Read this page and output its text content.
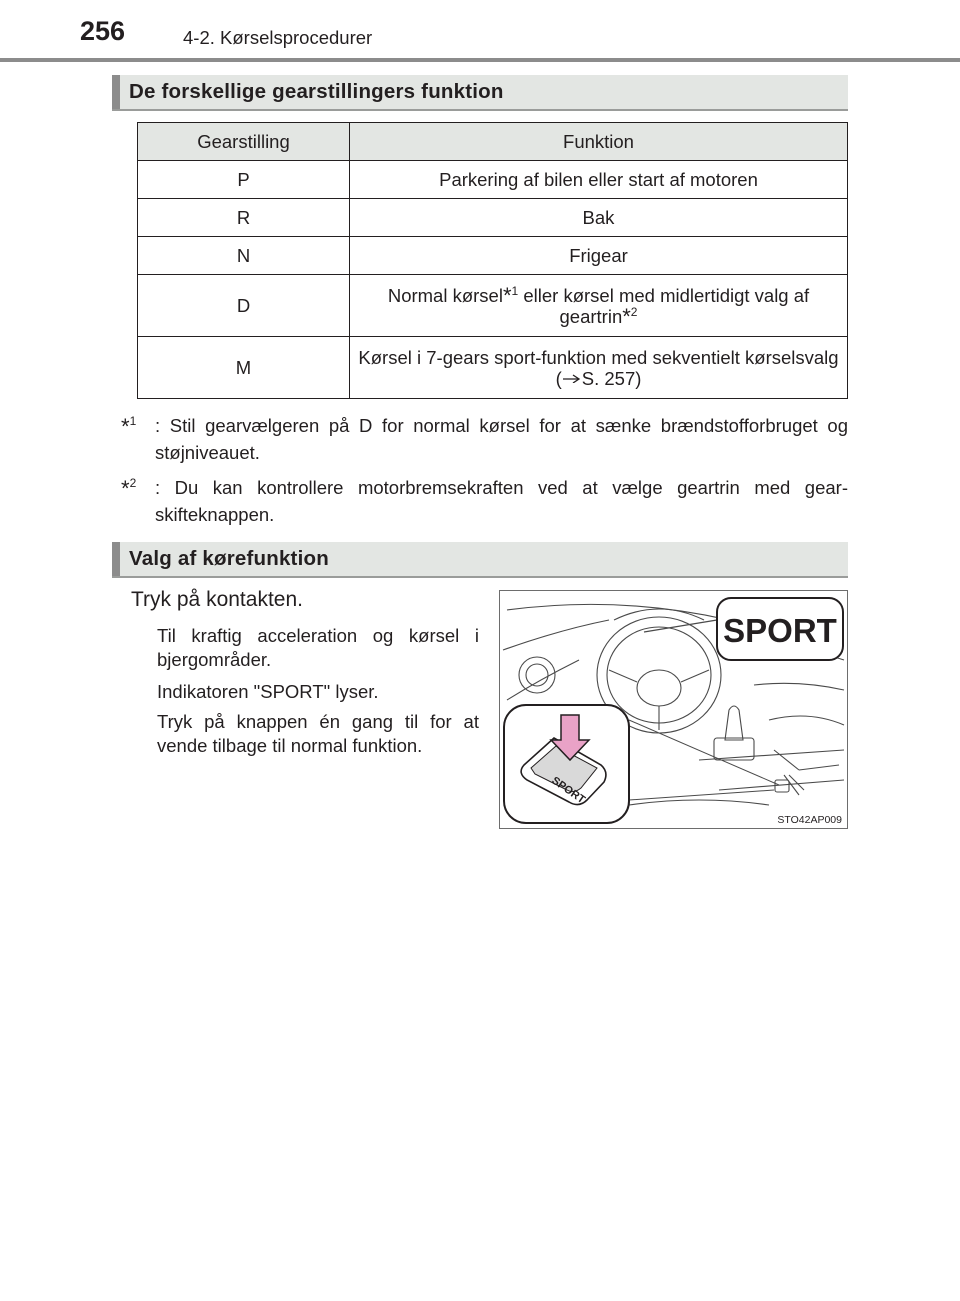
256	4-2. Kørselsprocedurer
De forskellige gearstillingers funktion
Gearstilling	Funktion
P	Parkering af bilen eller start af motoren
R	Bak
N	Frigear
D	Normal kørsel*$^1$ eller kørsel med midlertidigt valg af geartrin*$^2$
M	Kørsel i 7-gears sport-funktion med sekventielt kørselsvalg ( S. 257)
*$^1$ : Stil gearvælgeren på D for normal kørsel for at sænke brændstofforbruget og støjniveauet.
*$^2$ : Du kan kontrollere motorbremsekraften ved at vælge geartrin med gear-skifteknappen.
Valg af kørefunktion
Tryk på kontakten.
Til kraftig acceleration og kørsel i bjergområder.
Indikatoren "SPORT" lyser.
Tryk på knappen én gang til for at vende tilbage til normal funktion.
SPORT
SPORT
STO42AP009
